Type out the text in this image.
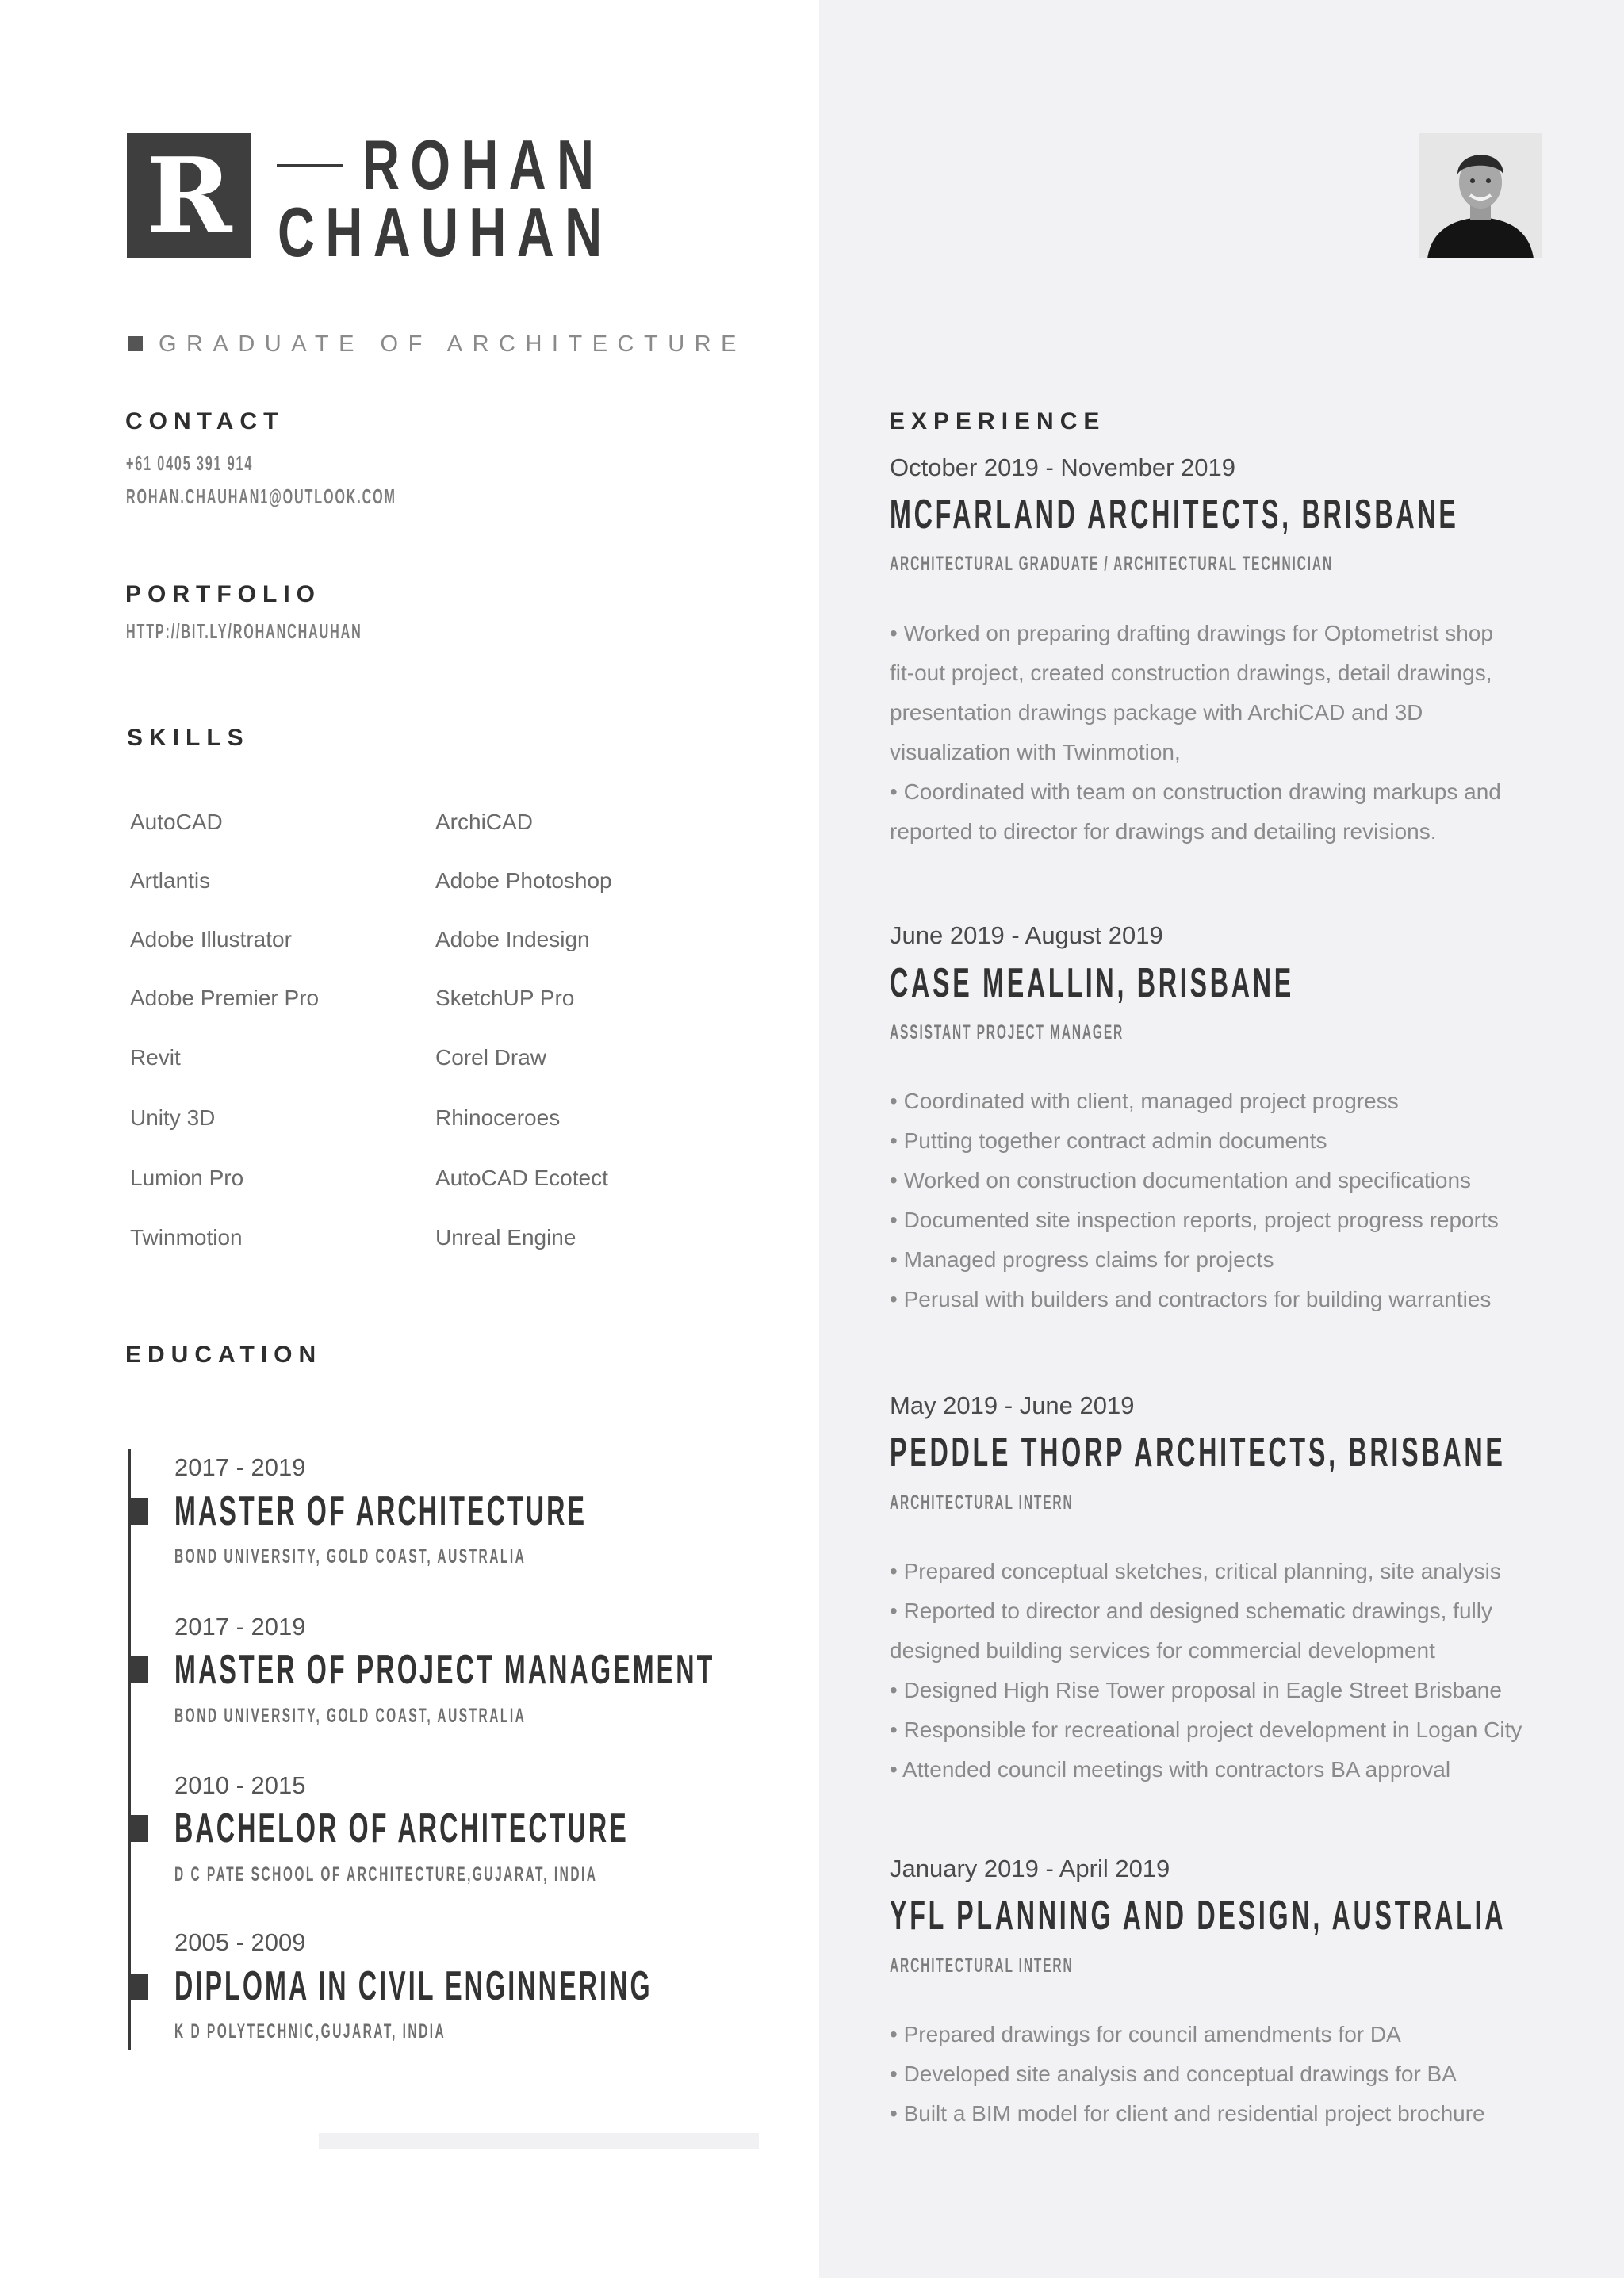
R ROHAN
CHAUHAN
GRADUATE OF ARCHITECTURE
CONTACT
+61 0405 391 914
ROHAN.CHAUHAN1@OUTLOOK.COM
PORTFOLIO
HTTP://BIT.LY/ROHANCHAUHAN
SKILLS
AutoCAD
Artlantis
Adobe Illustrator
Adobe Premier Pro
Revit
Unity 3D
Lumion Pro
Twinmotion
ArchiCAD
Adobe Photoshop
Adobe Indesign
SketchUP Pro
Corel Draw
Rhinoceroes
AutoCAD Ecotect
Unreal Engine
EDUCATION
2017 - 2019
MASTER OF ARCHITECTURE
BOND UNIVERSITY, GOLD COAST, AUSTRALIA
2017 - 2019
MASTER OF PROJECT MANAGEMENT
BOND UNIVERSITY, GOLD COAST, AUSTRALIA
2010 - 2015
BACHELOR OF ARCHITECTURE
D C PATE SCHOOL OF ARCHITECTURE,GUJARAT, INDIA
2005 - 2009
DIPLOMA IN CIVIL ENGINNERING
K D POLYTECHNIC,GUJARAT, INDIA
EXPERIENCE
October 2019 - November 2019
MCFARLAND ARCHITECTS, BRISBANE
ARCHITECTURAL GRADUATE / ARCHITECTURAL TECHNICIAN
• Worked on preparing drafting drawings for Optometrist shop
fit-out project, created construction drawings, detail drawings,
presentation drawings package with ArchiCAD and 3D
visualization with Twinmotion,
• Coordinated with team on construction drawing markups and
reported to director for drawings and detailing revisions.
June 2019 - August 2019
CASE MEALLIN, BRISBANE
ASSISTANT PROJECT MANAGER
• Coordinated with client, managed project progress
• Putting together contract admin documents
• Worked on construction documentation and specifications
• Documented site inspection reports, project progress reports
• Managed progress claims for projects
• Perusal with builders and contractors for building warranties
May 2019 - June 2019
PEDDLE THORP ARCHITECTS, BRISBANE
ARCHITECTURAL INTERN
• Prepared conceptual sketches, critical planning, site analysis
• Reported to director and designed schematic drawings, fully
designed building services for commercial development
• Designed High Rise Tower proposal in Eagle Street Brisbane
• Responsible for recreational project development in Logan City
• Attended council meetings with contractors BA approval
January 2019 - April 2019
YFL PLANNING AND DESIGN, AUSTRALIA
ARCHITECTURAL INTERN
• Prepared drawings for council amendments for DA
• Developed site analysis and conceptual drawings for BA
• Built a BIM model for client and residential project brochure
